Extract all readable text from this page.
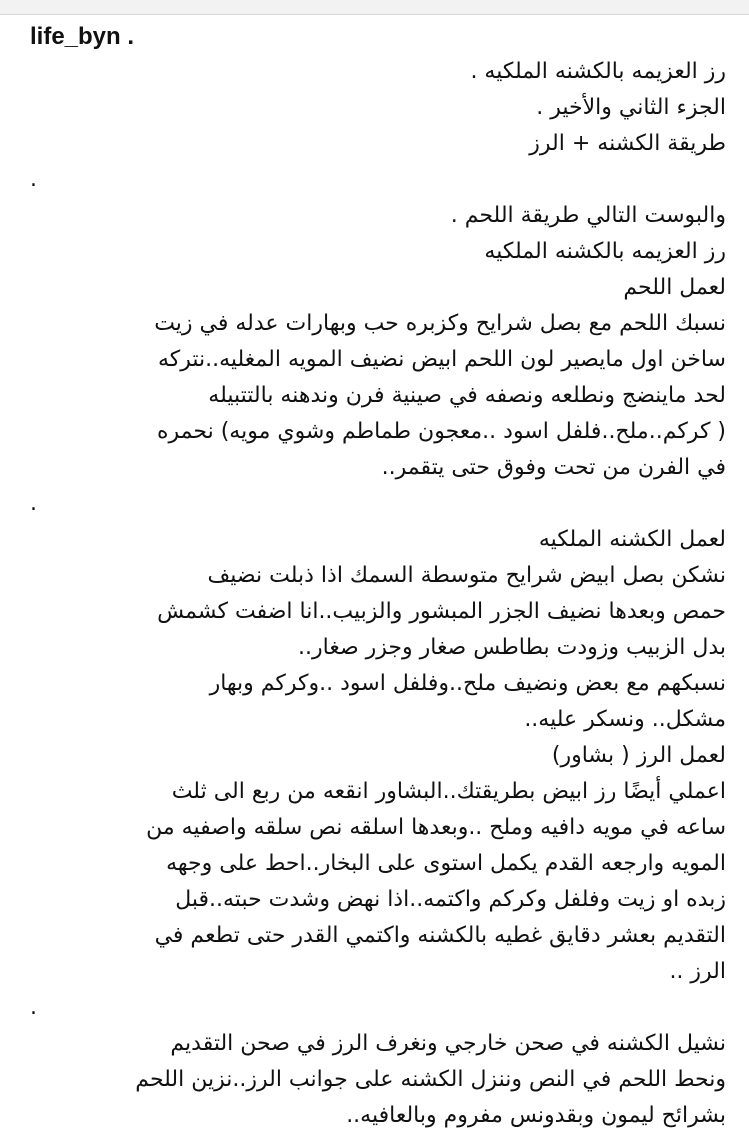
life_byn .
رز العزيمه بالكشنه الملكيه .
الجزء الثاني والأخير .
طريقة الكشنه + الرز
.
والبوست التالي طريقة اللحم .
رز العزيمه بالكشنه الملكيه
لعمل اللحم
نسبك اللحم مع بصل شرايح وكزبره حب وبهارات عدله في زيت
ساخن اول مايصير لون اللحم ابيض نضيف المويه المغليه..نتركه
لحد ماينضج ونطلعه ونصفه في صينية فرن وندهنه بالتتبيله
( كركم..ملح..فلفل اسود ..معجون طماطم وشوي مويه) نحمره
في الفرن من تحت وفوق حتى يتقمر..
.
لعمل الكشنه الملكيه
نشكن بصل ابيض شرايح متوسطة السمك اذا ذبلت نضيف
حمص وبعدها نضيف الجزر المبشور والزبيب..انا اضفت كشمش
بدل الزبيب وزودت بطاطس صغار وجزر صغار..
نسبكهم مع بعض ونضيف ملح..وفلفل اسود ..وكركم وبهار
مشكل.. ونسكر عليه..
لعمل الرز ( بشاور)
اعملي أيضًا رز ابيض بطريقتك..البشاور انقعه من ربع الى ثلث
ساعه في مويه دافيه وملح ..وبعدها اسلقه نص سلقه واصفيه من
المويه وارجعه القدم يكمل استوى على البخار..احط على وجهه
زبده او زيت وفلفل وكركم واكتمه..اذا نهض وشدت حبته..قبل
التقديم بعشر دقايق غطيه بالكشنه واكتمي القدر حتى تطعم في
الرز ..
.
نشيل الكشنه في صحن خارجي ونغرف الرز في صحن التقديم
ونحط اللحم في النص وننزل الكشنه على جوانب الرز..نزين اللحم
بشرائح ليمون وبقدونس مفروم وبالعافيه..
